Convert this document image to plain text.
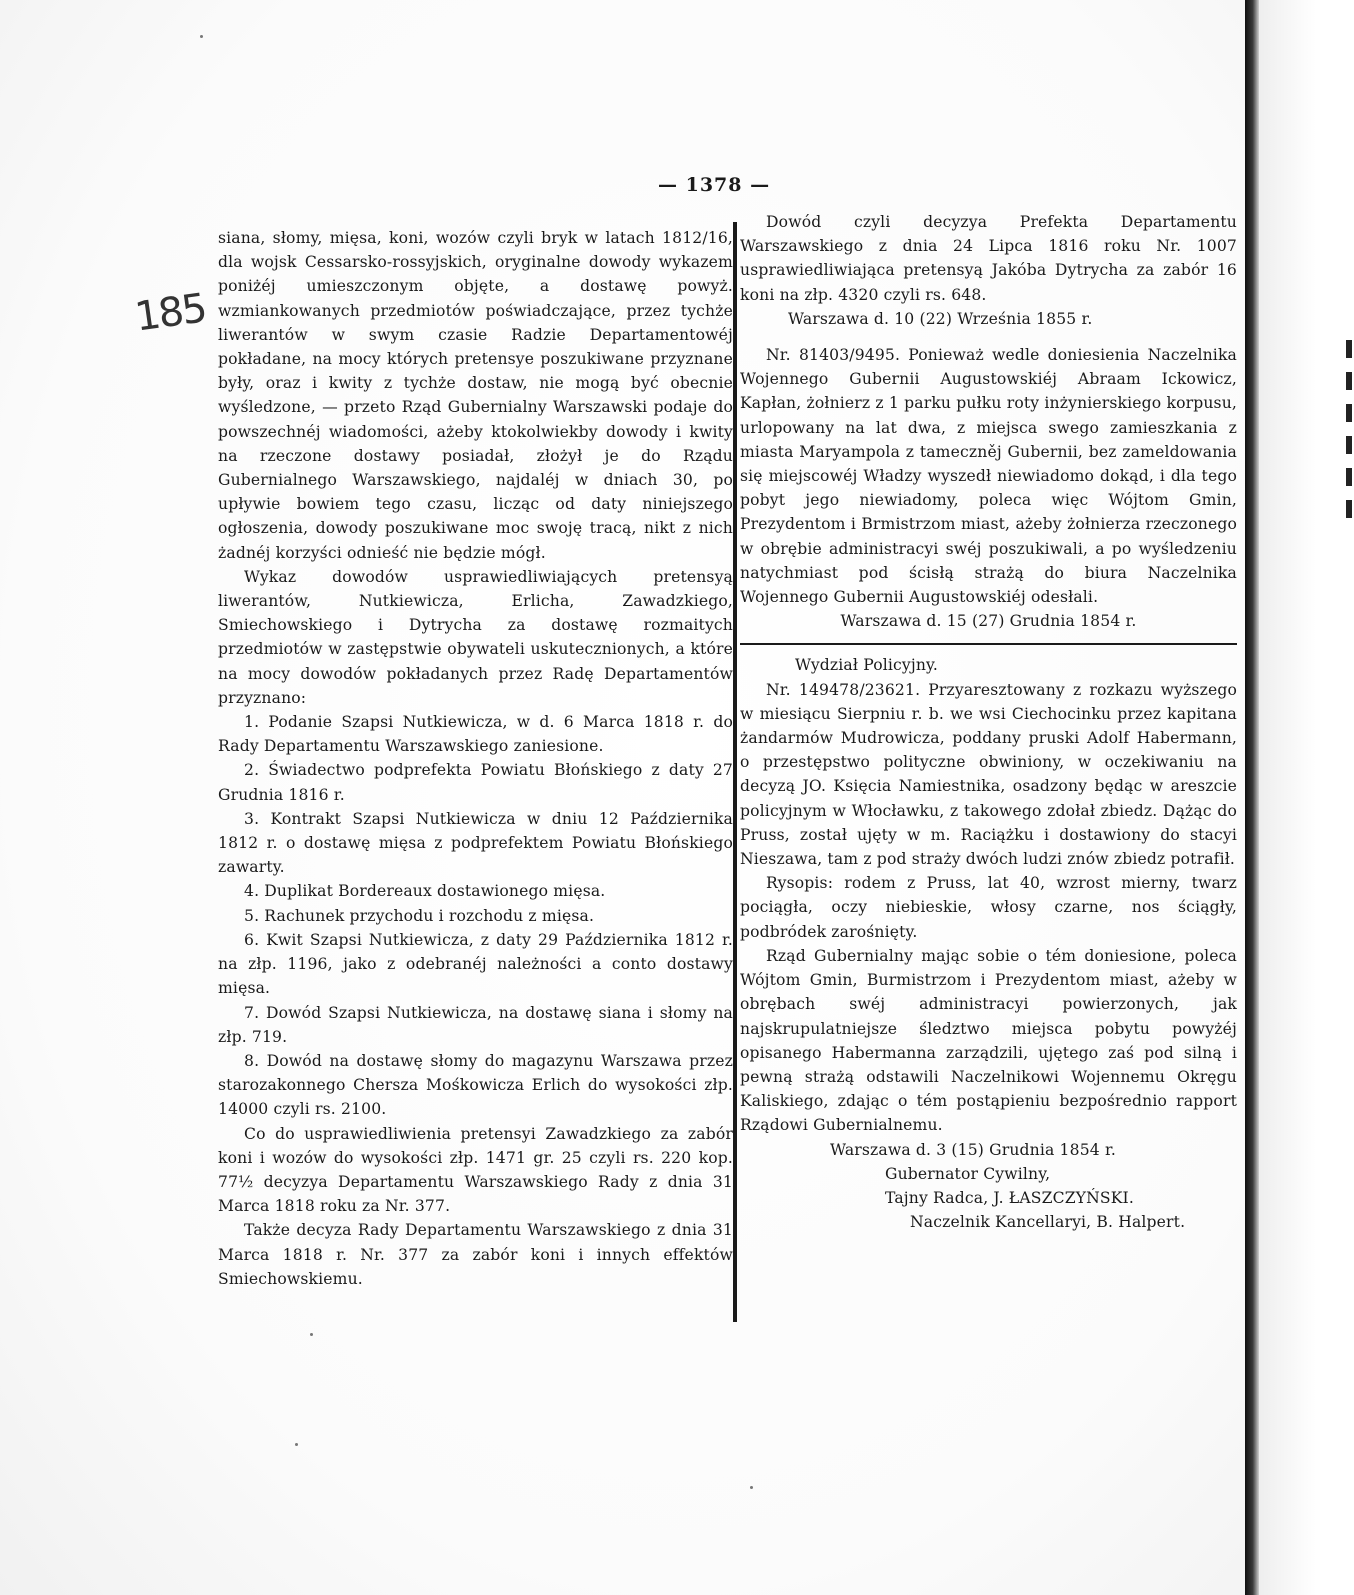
— 1378 —
185

siana, słomy, mięsa, koni, wozów czyli bryk w latach 1812/16, dla wojsk Cessarsko-rossyjskich, oryginalne dowody wykazem poniżéj umieszczonym objęte, a dostawę powyż. wzmiankowanych przedmiotów poświadczające, przez tychże liwerantów w swym czasie Radzie Departamentowéj pokładane, na mocy których pretensye poszukiwane przyznane były, oraz i kwity z tychże dostaw, nie mogą być obecnie wyśledzone, — przeto Rząd Gubernialny Warszawski podaje do powszechnéj wiadomości, ażeby ktokolwiekby dowody i kwity na rzeczone dostawy posiadał, złożył je do Rządu Gubernialnego Warszawskiego, najdaléj w dniach 30, po upływie bowiem tego czasu, licząc od daty niniejszego ogłoszenia, dowody poszukiwane moc swoję tracą, nikt z nich żadnéj korzyści odnieść nie będzie mógł.

Wykaz dowodów usprawiedliwiających pretensyą liwerantów, Nutkiewicza, Erlicha, Zawadzkiego, Smiechowskiego i Dytrycha za dostawę rozmaitych przedmiotów w zastępstwie obywateli uskutecznionych, a które na mocy dowodów pokładanych przez Radę Departamentów przyznano:

1. Podanie Szapsi Nutkiewicza, w d. 6 Marca 1818 r. do Rady Departamentu Warszawskiego zaniesione.

2. Świadectwo podprefekta Powiatu Błońskiego z daty 27 Grudnia 1816 r.

3. Kontrakt Szapsi Nutkiewicza w dniu 12 Października 1812 r. o dostawę mięsa z podprefektem Powiatu Błońskiego zawarty.

4. Duplikat Bordereaux dostawionego mięsa.

5. Rachunek przychodu i rozchodu z mięsa.

6. Kwit Szapsi Nutkiewicza, z daty 29 Października 1812 r. na złp. 1196, jako z odebranéj należności a conto dostawy mięsa.

7. Dowód Szapsi Nutkiewicza, na dostawę siana i słomy na złp. 719.

8. Dowód na dostawę słomy do magazynu Warszawa przez starozakonnego Chersza Mośkowicza Erlich do wysokości złp. 14000 czyli rs. 2100.

Co do usprawiedliwienia pretensyi Zawadzkiego za zabór koni i wozów do wysokości złp. 1471 gr. 25 czyli rs. 220 kop. 77½ decyzya Departamentu Warszawskiego Rady z dnia 31 Marca 1818 roku za Nr. 377.

Także decyza Rady Departamentu Warszawskiego z dnia 31 Marca 1818 r. Nr. 377 za zabór koni i innych effektów Smiechowskiemu.

Dowód czyli decyzya Prefekta Departamentu Warszawskiego z dnia 24 Lipca 1816 roku Nr. 1007 usprawiedliwiająca pretensyą Jakóba Dytrycha za zabór 16 koni na złp. 4320 czyli rs. 648.

Warszawa d. 10 (22) Września 1855 r.

Nr. 81403/9495. Ponieważ wedle doniesienia Naczelnika Wojennego Gubernii Augustowskiéj Abraam Ickowicz, Kapłan, żołnierz z 1 parku pułku roty inżynierskiego korpusu, urlopowany na lat dwa, z miejsca swego zamieszkania z miasta Maryampola z tameczněj Gubernii, bez zameldowania się miejscowéj Władzy wyszedł niewiadomo dokąd, i dla tego pobyt jego niewiadomy, poleca więc Wójtom Gmin, Prezydentom i Brmistrzom miast, ażeby żołnierza rzeczonego w obrębie administracyi swéj poszukiwali, a po wyśledzeniu natychmiast pod ścisłą strażą do biura Naczelnika Wojennego Gubernii Augustowskiéj odesłali.

Warszawa d. 15 (27) Grudnia 1854 r.

Wydział Policyjny.

Nr. 149478/23621. Przyaresztowany z rozkazu wyższego w miesiącu Sierpniu r. b. we wsi Ciechocinku przez kapitana żandarmów Mudrowicza, poddany pruski Adolf Habermann, o przestępstwo polityczne obwiniony, w oczekiwaniu na decyzą JO. Księcia Namiestnika, osadzony będąc w areszcie policyjnym w Włocławku, z takowego zdołał zbiedz. Dążąc do Pruss, został ujęty w m. Raciążku i dostawiony do stacyi Nieszawa, tam z pod straży dwóch ludzi znów zbiedz potrafił.

Rysopis: rodem z Pruss, lat 40, wzrost mierny, twarz pociągła, oczy niebieskie, włosy czarne, nos ściągły, podbródek zarośnięty.

Rząd Gubernialny mając sobie o tém doniesione, poleca Wójtom Gmin, Burmistrzom i Prezydentom miast, ażeby w obrębach swéj administracyi powierzonych, jak najskrupulatniejsze śledztwo miejsca pobytu powyżéj opisanego Habermanna zarządzili, ujętego zaś pod silną i pewną strażą odstawili Naczelnikowi Wojennemu Okręgu Kaliskiego, zdając o tém postąpieniu bezpośrednio rapport Rządowi Gubernialnemu.

Warszawa d. 3 (15) Grudnia 1854 r.

Gubernator Cywilny,

Tajny Radca, J. ŁASZCZYŃSKI.

Naczelnik Kancellaryi, B. Halpert.
